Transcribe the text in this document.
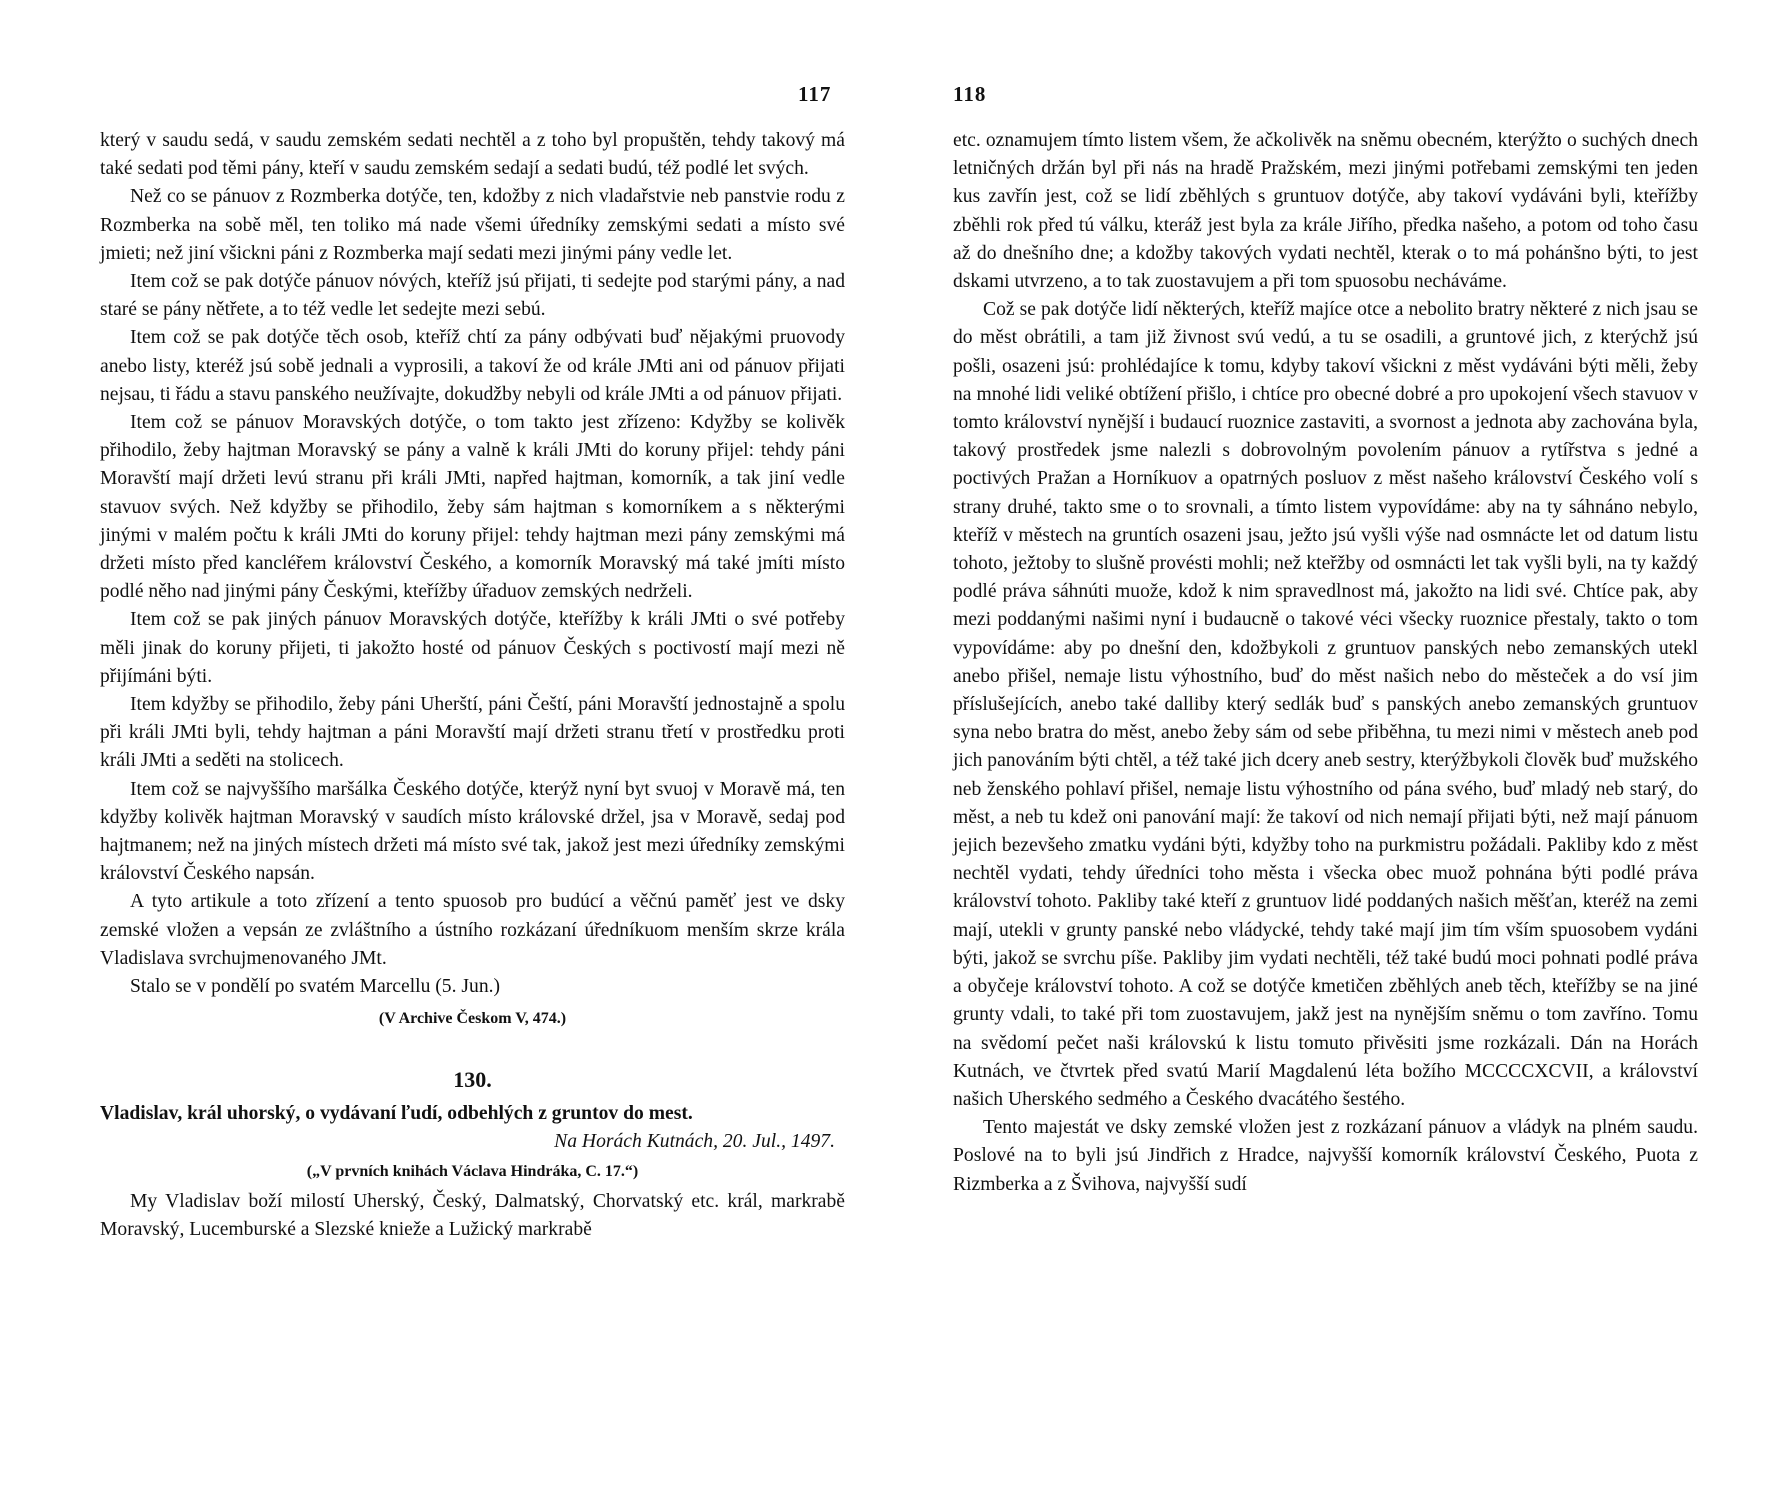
117

který v saudu sedá, v saudu zemském sedati nechtěl a z toho byl propuštěn, tehdy takový má také sedati pod těmi pány, kteří v saudu zemském sedají a sedati budú, též podlé let svých.

Než co se pánuov z Rozmberka dotýče, ten, kdožby z nich vladařstvie neb panstvie rodu z Rozmberka na sobě měl, ten toliko má nade všemi úředníky zemskými sedati a místo své jmieti; než jiní všickni páni z Rozmberka mají sedati mezi jinými pány vedle let.

Item což se pak dotýče pánuov nóvých, kteříž jsú přijati, ti sedejte pod starými pány, a nad staré se pány nětřete, a to též vedle let sedejte mezi sebú.

Item což se pak dotýče těch osob, kteříž chtí za pány odbývati buď nějakými pruovody anebo listy, kteréž jsú sobě jednali a vyprosili, a takoví že od krále JMti ani od pánuov přijati nejsau, ti řádu a stavu panského neužívajte, dokudžby nebyli od krále JMti a od pánuov přijati.

Item což se pánuov Moravských dotýče, o tom takto jest zřízeno: Kdyžby se kolivěk přihodilo, žeby hajtman Moravský se pány a valně k králi JMti do koruny přijel: tehdy páni Moravští mají držeti levú stranu při králi JMti, napřed hajtman, komorník, a tak jiní vedle stavuov svých. Než kdyžby se přihodilo, žeby sám hajtman s komorníkem a s některými jinými v malém počtu k králi JMti do koruny přijel: tehdy hajtman mezi pány zemskými má držeti místo před kancléřem království Českého, a komorník Moravský má také jmíti místo podlé něho nad jinými pány Českými, kteřížby úřaduov zemských nedrželi.

Item což se pak jiných pánuov Moravských dotýče, kteřížby k králi JMti o své potřeby měli jinak do koruny přijeti, ti jakožto hosté od pánuov Českých s poctivostí mají mezi ně přijímáni býti.

Item kdyžby se přihodilo, žeby páni Uherští, páni Čeští, páni Moravští jednostajně a spolu při králi JMti byli, tehdy hajtman a páni Moravští mají držeti stranu třetí v prostředku proti králi JMti a seděti na stolicech.

Item což se najvyššího maršálka Českého dotýče, kterýž nyní byt svuoj v Moravě má, ten kdyžby kolivěk hajtman Moravský v saudích místo královské držel, jsa v Moravě, sedaj pod hajtmanem; než na jiných místech držeti má místo své tak, jakož jest mezi úředníky zemskými království Českého napsán.

A tyto artikule a toto zřízení a tento spuosob pro budúcí a věčnú paměť jest ve dsky zemské vložen a vepsán ze zvláštního a ústního rozkázaní úředníkuom menším skrze krála Vladislava svrchujmenovaného JMt.

Stalo se v pondělí po svatém Marcellu (5. Jun.)

(V Archive Českom V, 474.)

130.

Vladislav, král uhorský, o vydávaní ľudí, odbehlých z gruntov do mest.

Na Horách Kutnách, 20. Jul., 1497.

(„V prvních knihách Václava Hindráka, C. 17.“)

My Vladislav boží milostí Uherský, Český, Dalmatský, Chorvatský etc. král, markrabě Moravský, Lucemburské a Slezské knieže a Lužický markrabě

118

etc. oznamujem tímto listem všem, že ačkolivěk na sněmu obecném, kterýžto o suchých dnech letničných držán byl při nás na hradě Pražském, mezi jinými potřebami zemskými ten jeden kus zavřín jest, což se lidí zběhlých s gruntuov dotýče, aby takoví vydáváni byli, kteřížby zběhli rok před tú válku, kteráž jest byla za krále Jiřího, předka našeho, a potom od toho času až do dnešního dne; a kdožby takových vydati nechtěl, kterak o to má pohánšno býti, to jest dskami utvrzeno, a to tak zuostavujem a při tom spuosobu necháváme.

Což se pak dotýče lidí některých, kteříž majíce otce a nebolito bratry některé z nich jsau se do měst obrátili, a tam již živnost svú vedú, a tu se osadili, a gruntové jich, z kterýchž jsú pošli, osazeni jsú: prohlédajíce k tomu, kdyby takoví všickni z měst vydáváni býti měli, žeby na mnohé lidi veliké obtížení přišlo, i chtíce pro obecné dobré a pro upokojení všech stavuov v tomto království nynější i budaucí ruoznice zastaviti, a svornost a jednota aby zachována byla, takový prostředek jsme nalezli s dobrovolným povolením pánuov a rytířstva s jedné a poctivých Pražan a Horníkuov a opatrných posluov z měst našeho království Českého volí s strany druhé, takto sme o to srovnali, a tímto listem vypovídáme: aby na ty sáhnáno nebylo, kteříž v městech na gruntích osazeni jsau, ježto jsú vyšli výše nad osmnácte let od datum listu tohoto, ježtoby to slušně provésti mohli; než kteřžby od osmnácti let tak vyšli byli, na ty každý podlé práva sáhnúti muože, kdož k nim spravedlnost má, jakožto na lidi své. Chtíce pak, aby mezi poddanými našimi nyní i budaucně o takové véci všecky ruoznice přestaly, takto o tom vypovídáme: aby po dnešní den, kdožbykoli z gruntuov panských nebo zemanských utekl anebo přišel, nemaje listu výhostního, buď do měst našich nebo do městeček a do vsí jim příslušejících, anebo také dalliby který sedlák buď s panských anebo zemanských gruntuov syna nebo bratra do měst, anebo žeby sám od sebe přiběhna, tu mezi nimi v městech aneb pod jich panováním býti chtěl, a též také jich dcery aneb sestry, kterýžbykoli člověk buď mužského neb ženského pohlaví přišel, nemaje listu výhostního od pána svého, buď mladý neb starý, do měst, a neb tu kdež oni panování mají: že takoví od nich nemají přijati býti, než mají pánuom jejich bezevšeho zmatku vydáni býti, kdyžby toho na purkmistru požádali. Pakliby kdo z měst nechtěl vydati, tehdy úředníci toho města i všecka obec muož pohnána býti podlé práva království tohoto. Pakliby také kteří z gruntuov lidé poddaných našich měšťan, kteréž na zemi mají, utekli v grunty panské nebo vládycké, tehdy také mají jim tím vším spuosobem vydáni býti, jakož se svrchu píše. Pakliby jim vydati nechtěli, též také budú moci pohnati podlé práva a obyčeje království tohoto. A což se dotýče kmetičen zběhlých aneb těch, kteřížby se na jiné grunty vdali, to také při tom zuostavujem, jakž jest na nynějším sněmu o tom zavříno. Tomu na svědomí pečet naši královskú k listu tomuto přivěsiti jsme rozkázali. Dán na Horách Kutnách, ve čtvrtek před svatú Marií Magdalenú léta božího MCCCCXCVII, a království našich Uherského sedmého a Českého dvacátého šestého.

Tento majestát ve dsky zemské vložen jest z rozkázaní pánuov a vládyk na plném saudu. Poslové na to byli jsú Jindřich z Hradce, najvyšší komorník království Českého, Puota z Rizmberka a z Švihova, najvyšší sudí
